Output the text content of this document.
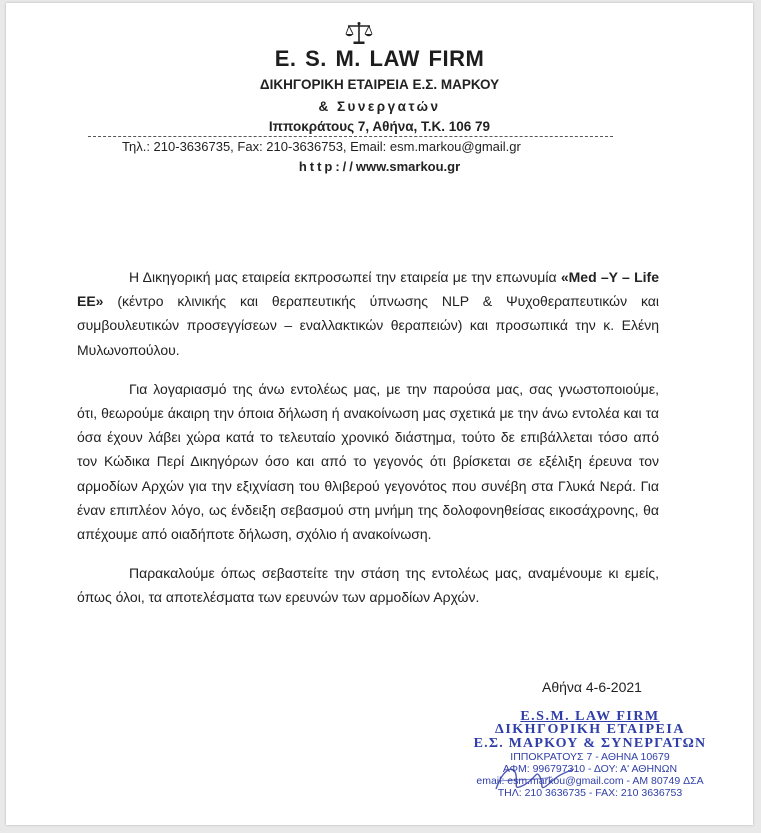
E. S. M. LAW FIRM
ΔΙΚΗΓΟΡΙΚΗ ΕΤΑΙΡΕΙΑ Ε.Σ. ΜΑΡΚΟΥ
& Συνεργατών
Ιπποκράτους 7, Αθήνα, Τ.Κ. 106 79
Τηλ.: 210-3636735, Fax: 210-3636753, Email: esm.markou@gmail.gr
http://www.smarkou.gr

Η Δικηγορική μας εταιρεία εκπροσωπεί την εταιρεία με την επωνυμία «Med –Y – Life ΕΕ» (κέντρο κλινικής και θεραπευτικής ύπνωσης NLP & Ψυχοθεραπευτικών και συμβουλευτικών προσεγγίσεων – εναλλακτικών θεραπειών) και προσωπικά την κ. Ελένη Μυλωνοπούλου.

Για λογαριασμό της άνω εντολέως μας, με την παρούσα μας, σας γνωστοποιούμε, ότι, θεωρούμε άκαιρη την όποια δήλωση ή ανακοίνωση μας σχετικά με την άνω εντολέα και τα όσα έχουν λάβει χώρα κατά το τελευταίο χρονικό διάστημα, τούτο δε επιβάλλεται τόσο από τον Κώδικα Περί Δικηγόρων όσο και από το γεγονός ότι βρίσκεται σε εξέλιξη έρευνα τον αρμοδίων Αρχών για την εξιχνίαση του θλιβερού γεγονότος που συνέβη στα Γλυκά Νερά. Για έναν επιπλέον λόγο, ως ένδειξη σεβασμού στη μνήμη της δολοφονηθείσας εικοσάχρονης, θα απέχουμε από οιαδήποτε δήλωση, σχόλιο ή ανακοίνωση.

Παρακαλούμε όπως σεβαστείτε την στάση της εντολέως μας, αναμένουμε κι εμείς, όπως όλοι, τα αποτελέσματα των ερευνών των αρμοδίων Αρχών.

Αθήνα 4-6-2021
E.S.M. LAW FIRM
ΔΙΚΗΓΟΡΙΚΗ ΕΤΑΙΡΕΙΑ
Ε.Σ. ΜΑΡΚΟΥ & ΣΥΝΕΡΓΑΤΩΝ
ΙΠΠΟΚΡΑΤΟΥΣ 7 - ΑΘΗΝΑ 10679
ΑΦΜ: 996797310 - ΔΟΥ: Α' ΑΘΗΝΩΝ
email: esm.markou@gmail.com - AM 80749 ΔΣΑ
ΤΗΛ: 210 3636735 - FAX: 210 3636753
